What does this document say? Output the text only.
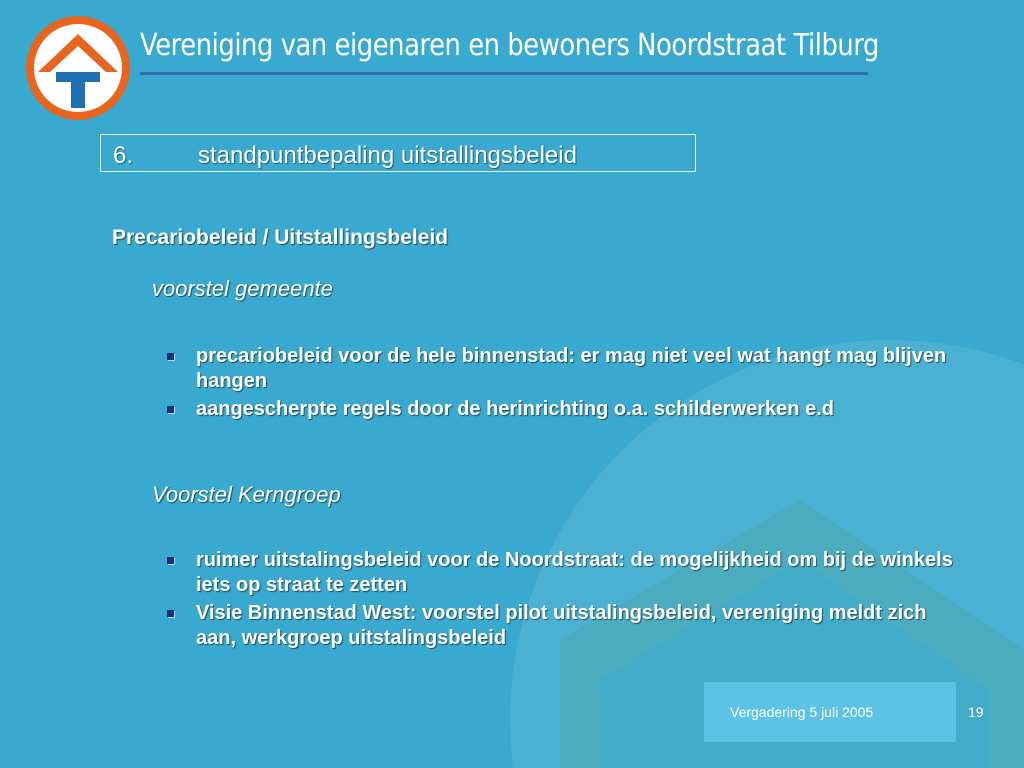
Vereniging van eigenaren en bewoners Noordstraat Tilburg
6.	standpuntbepaling uitstallingsbeleid
Precariobeleid / Uitstallingsbeleid
voorstel gemeente
precariobeleid voor de hele binnenstad: er mag niet veel wat hangt mag blijven hangen
aangescherpte regels door de herinrichting o.a. schilderwerken e.d
Voorstel Kerngroep
ruimer uitstalingsbeleid voor de Noordstraat: de mogelijkheid om bij de winkels iets op straat te zetten
Visie Binnenstad West: voorstel pilot uitstalingsbeleid, vereniging meldt zich aan, werkgroep uitstalingsbeleid
Vergadering 5 juli 2005	19
